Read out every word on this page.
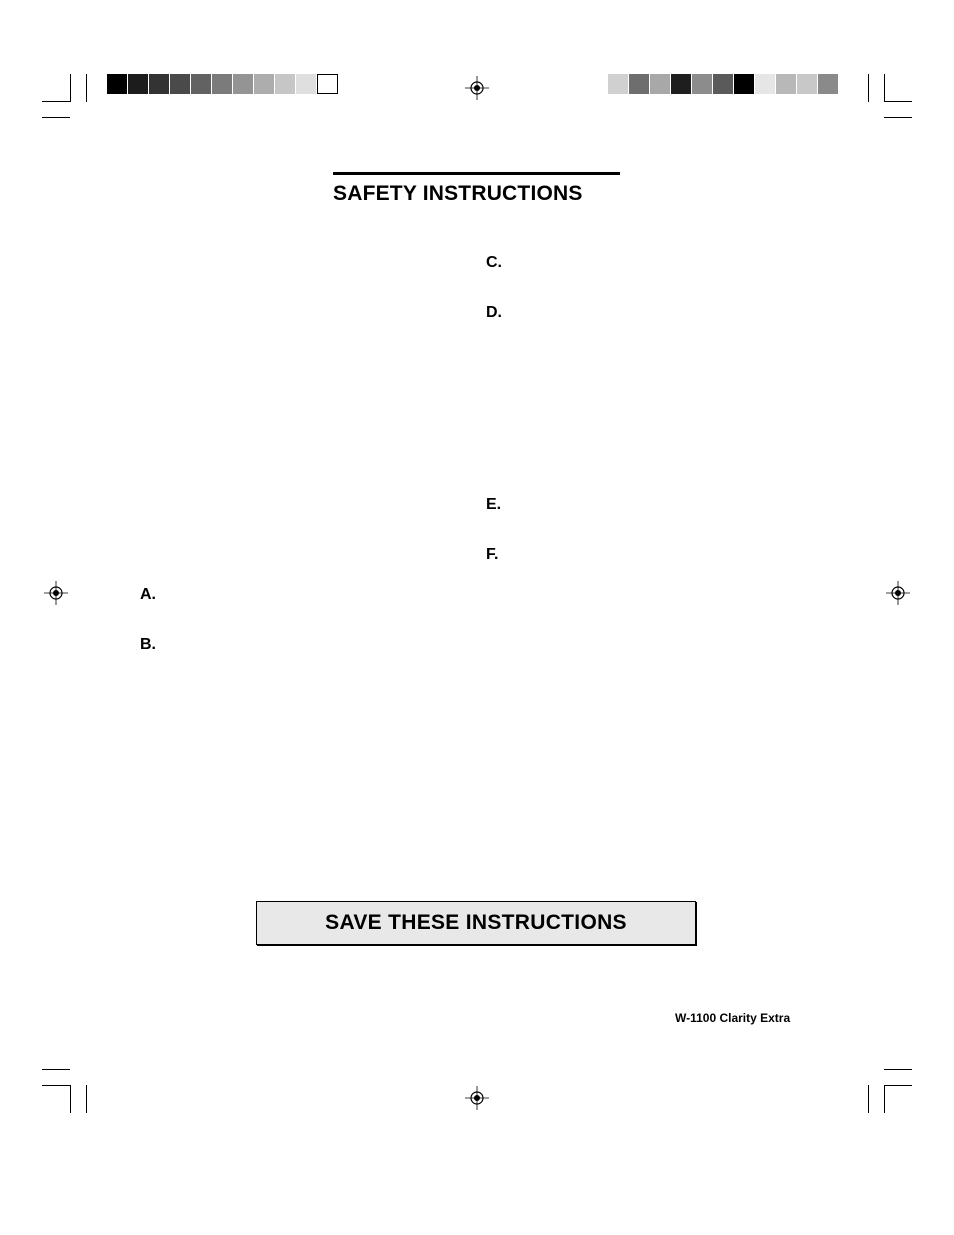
SAFETY INSTRUCTIONS
A.
B.
C.
D.
E.
F.
SAVE THESE INSTRUCTIONS
W-1100 Clarity Extra
